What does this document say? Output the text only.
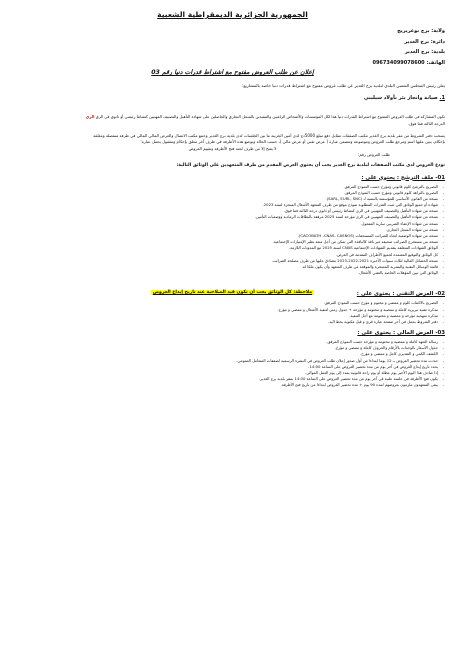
الجمهورية الجزائرية الديمقراطية الشعبية
ولاية: برج بوعريريج
دائرة: برج الغدير
بلدية: برج الغدير
الهاتف: 096734099078600
إعلان عن طلب العروض مفتوح مع اشتراط قدرات دنيا رقم 03
يعلن رئيس المجلس الشعبي البلدي لبلدية برج الغدير عن طلب عروض مفتوح مع اشتراط قدرات دنيا خاصة بالمشاريع:
1. صيانة وانجاز بئر بأولاد سيليني

تكون المشاركة في طلب العروض المفتوح مع اشتراط القدرات دنيا هذا لكل المؤسسات والأشخاص الراغبين والمقيدين بالسجل التجاري والحاصلين على شهادة التأهيل والتصنيف المهنيين كنشاط رئيسي أو ثانوي في الري الري

الدرجة الثالثة فما فوق.

يسحب دفتر الشروط من مقر بلدية برج الغدير مكتب الصفقات مقابل دفع مبلغ 5000دج لدى أمين الخزينة ما بين الجلسات لدى بلدية برج الغدير وجمع مكتب الاتصال والعرض المالي المالي في طرفة منفصلة ومغلقة
بإحكام، يبين عليها اسم ومرجع طلب العروض وموضوعه وتتضمن عبارة ( عرض تقني أو عرض مالي )، حسب الحالة وتوضع هذه الأظرفة في ظرف آخر مغلق بإحكام ومقفول يحمل عبارة:
لا يفتح إلا من طرف لجنة فتح الأظرفة وتقييم العروض
طلب العروض رقم:
تودع العروض لدى مكتب الصفقات لبلدية برج الغدير يجب أن يحتوي العرض المقدم من طرف المتعهدين على الوثائق التالية:
01- ملف الترشح : يحتوي على :
- التصريح بالترشح كلوم قانوني ومؤرخ حسب النموذج المرفق.
- التصريح بالنزاهة كلوم قانوني ومؤرخ حسب النموذج المرفق.
- نسخة من القانون الأساسي للمؤسسة بالنسبة لـ (SARL, EURL, SNC).
- شهادة أو جميع الوثائق التي تثبت القدرات المطلوبة نموذج موقع من طرف المتعهد الأشغال المنجزة لسنة 2023.
- نسخة من شهادة التأهيل والتصنيف المهنيين في الري كنشاط رئيسي أو ثانوي درجة الثالثة فما فوق.
- نسخة من شهادة التأهيل والتصنيف المهنيين في الري مؤرخة لسنة 2025 مرفقة بالبطاقات الرمادية ووضعيات التأمين.
- نسخة من شهادة الإعفاء الضريبي سارية المفعول.
- نسخة من شهادة السجل التجاري.
- نسخة من شهادة الوضعية اتجاه الضرائب المستحقات (CACOBATH -CNAS- CASNOS).
- نسخة من مستخرج الضرائب صحيفة غير نافذ كالنافذة التي تمكن من أجل منعه نظير الإمتيازات الإجتماعية.
- الوثائق الشهادات المتعلقة بتقديم الشهادات الإجتماعية CNAS لسنة 2025 مع المدونات اللازمة.
- كل الوثائق والتوقيع المعتمدة لجميع الأطراف المقدمة في العرض.
- نسخة الحصائل المالية لثلاث سنوات الأخيرة 2021-2022-2023 مصادق عليها من طرف مصلحة الضرائب.
- قائمة الوسائل التقنية والبشرية المسخرة والموقعة من طرف المتعهد وأن يكون ملكا له.
- الوثائق التي تبين المؤهلات الخاصة بالتقني الأشغال.
ملاحظة: كل الوثائق يجب أن تكون قيد الصلاحية عند تاريخ إيداع العروض	02- العرض التقني : يحتوي على :
- التصريح بالاكتتاب كلوم و ممضي و مختوم و مؤرخ حسب النموذج المرفق.
- مذكرة تقنية تبريرية كاملة و ممضية و مختومة و مؤرخة + جدول زمني لتنفيذ الأشغال و ممضي و مؤرخ.
- مذكرة منهجية مؤرخة و ممضية و مختومة مع أجل التنفيذ.
- دفتر الشروط يحمل في آخر صفحة عبارة قرئ و قبل مكتوبة بخط اليد.
03- العرض المالي : يحتوي على :
- رسالة التعهد كاملة و ممضية و مختومة و مؤرخة حسب النموذج المرفق.
- جدول الأسعار بالوحدات بالأرقام والحروف كاملة و ممضي و مؤرخ.
- الكشف الكمي و التقديري كامل و ممضي و مؤرخ.
- حددت مدة تحضير العروض بـ 12 يوما ابتداءا من أول صدور إعلان طلب العروض في النشرة الرسمية لصفقات المتعامل العمومي.
- يحدد تاريخ إيداع العروض في آخر يوم من مدة تحضير العروض على الساعة 14:00.
- إذا صادف هذا اليوم الأخير يوم عطلة أو يوم راحة قانونية يمدد إلى يوم العمل الموالي.
- يكون فتح الأظرفة في جلسة علنية في آخر يوم من مدة تحضير العروض على الساعة 14.00 بمقر بلدية برج الغدير.
- يبقى المتعهدون ملزمون بعروضهم لمدة 90 يوم + مدة تحضير العروض ابتداءا من تاريخ فتح الأظرفة.
